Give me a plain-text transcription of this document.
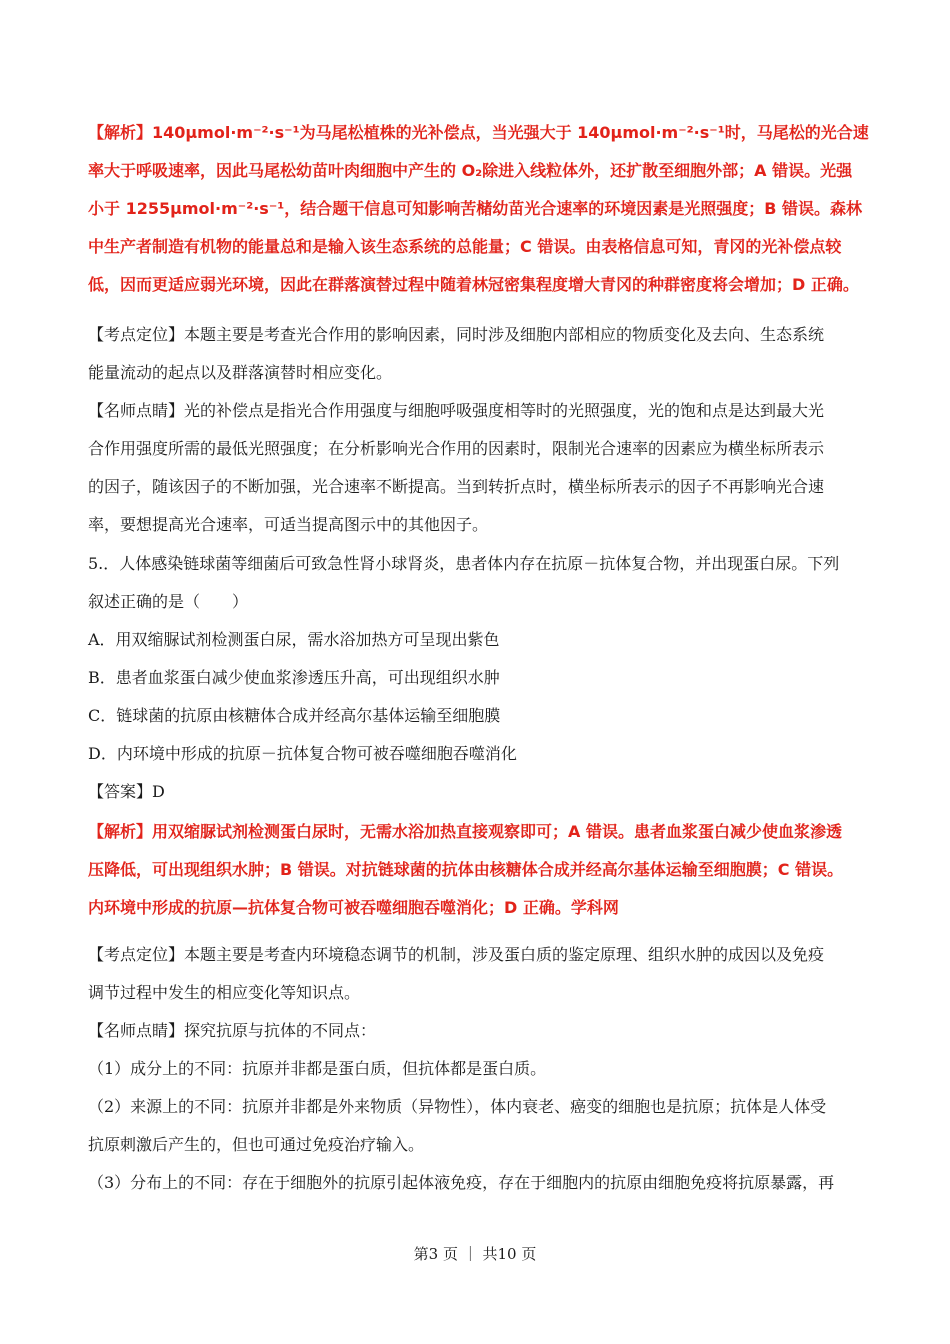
【解析】140μmol·m⁻²·s⁻¹为马尾松植株的光补偿点，当光强大于 140μmol·m⁻²·s⁻¹时，马尾松的光合速
率大于呼吸速率，因此马尾松幼苗叶肉细胞中产生的 O₂除进入线粒体外，还扩散至细胞外部；A 错误。光强
小于 1255μmol·m⁻²·s⁻¹，结合题干信息可知影响苦槠幼苗光合速率的环境因素是光照强度；B 错误。森林
中生产者制造有机物的能量总和是输入该生态系统的总能量；C 错误。由表格信息可知，青冈的光补偿点较
低，因而更适应弱光环境，因此在群落演替过程中随着林冠密集程度增大青冈的种群密度将会增加；D 正确。
【考点定位】本题主要是考查光合作用的影响因素，同时涉及细胞内部相应的物质变化及去向、生态系统
能量流动的起点以及群落演替时相应变化。
【名师点睛】光的补偿点是指光合作用强度与细胞呼吸强度相等时的光照强度，光的饱和点是达到最大光
合作用强度所需的最低光照强度；在分析影响光合作用的因素时，限制光合速率的因素应为横坐标所表示
的因子，随该因子的不断加强，光合速率不断提高。当到转折点时，横坐标所表示的因子不再影响光合速
率，要想提高光合速率，可适当提高图示中的其他因子。
5.．人体感染链球菌等细菌后可致急性肾小球肾炎，患者体内存在抗原－抗体复合物，并出现蛋白尿。下列
叙述正确的是（　　）
A．用双缩脲试剂检测蛋白尿，需水浴加热方可呈现出紫色
B．患者血浆蛋白减少使血浆渗透压升高，可出现组织水肿
C．链球菌的抗原由核糖体合成并经高尔基体运输至细胞膜
D．内环境中形成的抗原－抗体复合物可被吞噬细胞吞噬消化
【答案】D
【解析】用双缩脲试剂检测蛋白尿时，无需水浴加热直接观察即可；A 错误。患者血浆蛋白减少使血浆渗透
压降低，可出现组织水肿；B 错误。对抗链球菌的抗体由核糖体合成并经高尔基体运输至细胞膜；C 错误。
内环境中形成的抗原—抗体复合物可被吞噬细胞吞噬消化；D 正确。学科网
【考点定位】本题主要是考查内环境稳态调节的机制，涉及蛋白质的鉴定原理、组织水肿的成因以及免疫
调节过程中发生的相应变化等知识点。
【名师点睛】探究抗原与抗体的不同点：
（1）成分上的不同：抗原并非都是蛋白质，但抗体都是蛋白质。
（2）来源上的不同：抗原并非都是外来物质（异物性），体内衰老、癌变的细胞也是抗原；抗体是人体受
抗原刺激后产生的，但也可通过免疫治疗输入。
（3）分布上的不同：存在于细胞外的抗原引起体液免疫，存在于细胞内的抗原由细胞免疫将抗原暴露，再
第3 页 ｜ 共10 页
